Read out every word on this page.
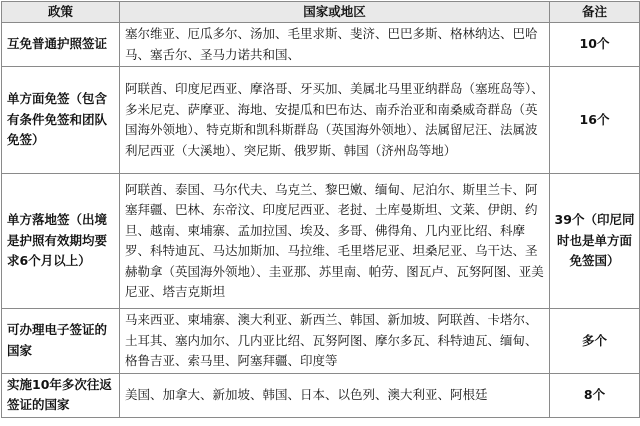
政策	国家或地区	备注
互免普通护照签证	塞尔维亚、厄瓜多尔、汤加、毛里求斯、斐济、巴巴多斯、格林纳达、巴哈马、塞舌尔、圣马力诺共和国、	10个
单方面免签（包含有条件免签和团队免签）	阿联酋、印度尼西亚、摩洛哥、牙买加、美属北马里亚纳群岛（塞班岛等）、多米尼克、萨摩亚、海地、安提瓜和巴布达、南乔治亚和南桑威奇群岛（英国海外领地）、特克斯和凯科斯群岛（英国海外领地）、法属留尼汪、法属波利尼西亚（大溪地）、突尼斯、俄罗斯、韩国（济州岛等地）	16个
单方落地签（出境是护照有效期均要求6个月以上）	阿联酋、泰国、马尔代夫、乌克兰、黎巴嫩、缅甸、尼泊尔、斯里兰卡、阿塞拜疆、巴林、东帝汶、印度尼西亚、老挝、土库曼斯坦、文莱、伊朗、约旦、越南、柬埔寨、孟加拉国、埃及、多哥、佛得角、几内亚比绍、科摩罗、科特迪瓦、马达加斯加、马拉维、毛里塔尼亚、坦桑尼亚、乌干达、圣赫勒拿（英国海外领地）、圭亚那、苏里南、帕劳、图瓦卢、瓦努阿图、亚美尼亚、塔吉克斯坦	39个（印尼同时也是单方面免签国）
可办理电子签证的国家	马来西亚、柬埔寨、澳大利亚、新西兰、韩国、新加坡、阿联酋、卡塔尔、土耳其、塞内加尔、几内亚比绍、瓦努阿图、摩尔多瓦、科特迪瓦、缅甸、格鲁吉亚、索马里、阿塞拜疆、印度等	多个
实施10年多次往返签证的国家	美国、加拿大、新加坡、韩国、日本、以色列、澳大利亚、阿根廷	8个
